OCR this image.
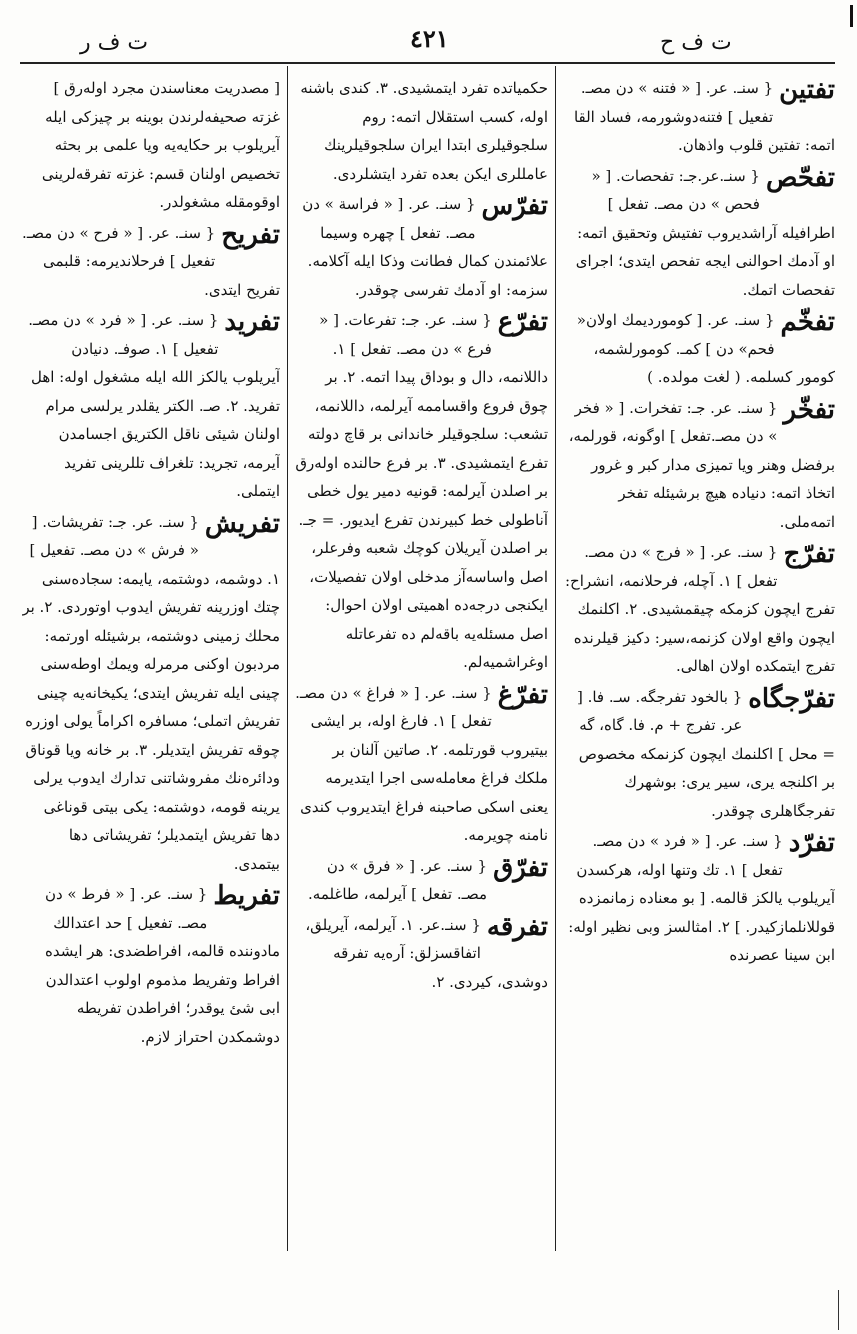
ت ف ر	٤٢١	ت ف ح
تفتين
{ سنـ. عر. [ « فتنه » دن مصـ. تفعيل ] فتنه‌دوشورمه، فساد القا اتمه: تفتين قلوب واذهان.
تفحّص
{ سنـ.عر.جـ: تفحصات. [ « فحص » دن مصـ. تفعل ] اطرافيله آراشديروب تفتيش وتحقيق اتمه: او آدمك احوالنى ايجه تفحص ايتدى؛ اجراى تفحصات اتمك.
تفخّم
{ سنـ. عر. [ كومورديمك اولان« فحم» دن ] كمـ. كومورلشمه، كومور كسلمه. ( لغت مولده. )
تفخّر
{ سنـ. عر. جـ: تفخرات. [ « فخر » دن مصـ.تفعل ] اوگونه، قورلمه، برفضل وهنر ويا تميزى مدار كبر و غرور اتخاذ اتمه: دنياده هيچ برشيئله تفخر اتمه‌ملى.
تفرّج
{ سنـ. عر. [ « فرج » دن مصـ. تفعل ] ١. آچله، فرحلانمه، انشراح: تفرج ايچون كزمكه چيقمشيدى. ٢. اكلنمك ايچون واقع اولان كزنمه،سير: دكيز قيلرنده تفرج ايتمكده اولان اهالى.
تفرّجگاه
{ بالخود تفرجگه. سـ. فا. [ عر. تفرج + م. فا. گاه، گه = محل ] اكلنمك ايچون كزنمكه مخصوص بر اكلنجه يرى، سير يرى: بوشهرك تفرجگاهلرى چوقدر.
تفرّد
{ سنـ. عر. [ « فرد » دن مصـ. تفعل ] ١. تك وتنها اوله، هركسدن آيريلوب يالكز قالمه. [ بو معناده زمانمزده قوللانلمازكيدر. ] ٢. امثالسز وبى نظير اوله: ابن سينا عصرنده
حكمياتده تفرد ايتمشيدى. ٣. كندى باشنه اوله، كسب استقلال اتمه: روم سلجوقيلرى ابتدا ايران سلجوقيلرينك عامللرى ايكن بعده تفرد ايتشلردى.
تفرّس
{ سنـ. عر. [ « فراسة » دن مصـ. تفعل ] چهره وسيما علائمندن كمال فطانت وذكا ايله آكلامه. سزمه: او آدمك تفرسى چوقدر.
تفرّع
{ سنـ. عر. جـ: تفرعات. [ « فرع » دن مصـ. تفعل ] ١. داللانمه، دال و بوداق پيدا اتمه. ٢. بر چوق فروع واقساممه آيرلمه، داللانمه، تشعب: سلجوقيلر خاندانى بر قاچ دولته تفرع ايتمشيدى. ٣. بر فرع حالنده اوله‌رق بر اصلدن آيرلمه: قونيه دمير يول خطى آناطولى خط كبيرندن تفرع ايديور. = جـ. بر اصلدن آيريلان كوچك شعبه وفرعلر، اصل واساسه‌آز مدخلى اولان تفصيلات، ايكنجى درجه‌ده اهميتى اولان احوال: اصل مسئله‌يه باقه‌لم ده تفرعاتله اوغراشميه‌لم.
تفرّغ
{ سنـ. عر. [ « فراغ » دن مصـ. تفعل ] ١. فارغ اوله، بر ايشى بيتيروب قورتلمه. ٢. صاتين آلنان بر ملكك فراغ معامله‌سى اجرا ايتديرمه يعنى اسكى صاحبنه فراغ ايتديروب كندى نامنه چويرمه.
تفرّق
{ سنـ. عر. [ « فرق » دن مصـ. تفعل ] آيرلمه، طاغلمه.
تفرقه
{ سنـ.عر. ١. آيرلمه، آيريلق، اتفاقسزلق: آره‌يه تفرقه دوشدى، كيردى. ٢.
[ مصدريت معناسندن مجرد اوله‌رق ] غزته صحيفه‌لرندن بوينه بر چيزكى ايله آيريلوب بر حكايه‌يه ويا علمى بر بحثه تخصيص اولنان قسم: غزته تفرقه‌لرينى اوقومقله مشغولدر.
تفريح
{ سنـ. عر. [ « فرح » دن مصـ. تفعيل ] فرحلانديرمه: قلبمى تفريح ايتدى.
تفريد
{ سنـ. عر. [ « فرد » دن مصـ. تفعيل ] ١. صوفـ. دنيادن آيريلوب يالكز الله ايله مشغول اوله: اهل تفريد. ٢. صـ. الكتر يقلدر يرلسى مرام اولنان شيئى ناقل الكتريق اجسامدن آيرمه، تجريد: تلغراف تللرينى تفريد ايتملى.
تفريش
{ سنـ. عر. جـ: تفريشات. [ « فرش » دن مصـ. تفعيل ] ١. دوشمه، دوشتمه، يايمه: سجاده‌سنى چتك اوزرينه تفريش ايدوب اوتوردى. ٢. بر محلك زمينى دوشتمه، برشيئله اورتمه: مردبون اوكنى مرمرله ويمك اوطه‌سنى چينى ايله تفريش ايتدى؛ يكيخانه‌يه چينى تفريش اتملى؛ مسافره اكراماً يولى اوزره چوقه تفريش ايتديلر. ٣. بر خانه ويا قوناق ودائره‌نك مفروشاتنى تدارك ايدوب يرلى يرينه قومه، دوشتمه: يكى بيتى قوناغى دها تفريش ايتمديلر؛ تفريشاتى دها بيتمدى.
تفريط
{ سنـ. عر. [ « فرط » دن مصـ. تفعيل ] حد اعتدالك مادوننده قالمه، افراطضدى: هر ايشده افراط وتفريط مذموم اولوب اعتدالدن ابى شئ يوقدر؛ افراطدن تفريطه دوشمكدن احتراز لازم.
